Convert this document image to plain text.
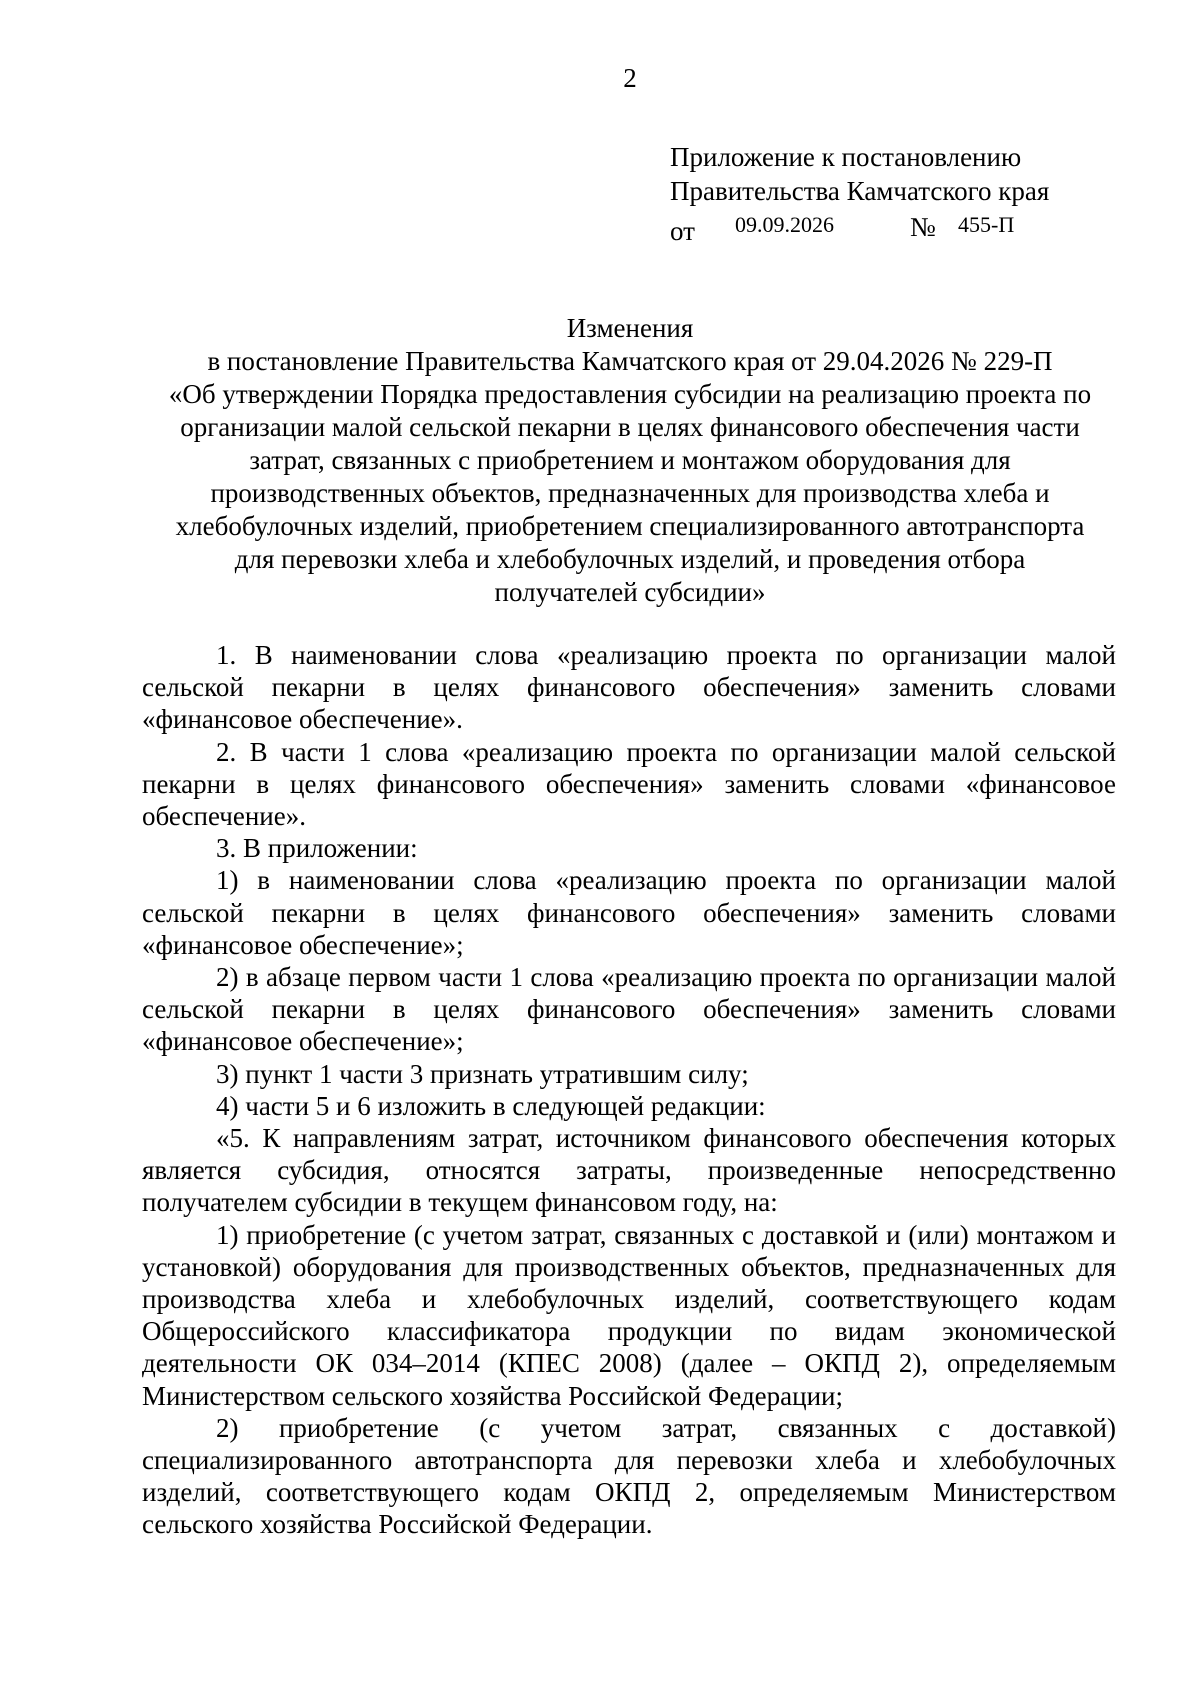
2
Приложение к постановлению
Правительства Камчатского края
от 09.09.2026	№ 455-П
Изменения
в постановление Правительства Камчатского края от 29.04.2026 № 229-П
«Об утверждении Порядка предоставления субсидии на реализацию проекта по
организации малой сельской пекарни в целях финансового обеспечения части
затрат, связанных с приобретением и монтажом оборудования для
производственных объектов, предназначенных для производства хлеба и
хлебобулочных изделий, приобретением специализированного автотранспорта
для перевозки хлеба и хлебобулочных изделий, и проведения отбора
получателей субсидии»

1. В наименовании слова «реализацию проекта по организации малой сельской пекарни в целях финансового обеспечения» заменить словами «финансовое обеспечение».

2. В части 1 слова «реализацию проекта по организации малой сельской пекарни в целях финансового обеспечения» заменить словами «финансовое обеспечение».

3. В приложении:

1) в наименовании слова «реализацию проекта по организации малой сельской пекарни в целях финансового обеспечения» заменить словами «финансовое обеспечение»;

2) в абзаце первом части 1 слова «реализацию проекта по организации малой сельской пекарни в целях финансового обеспечения» заменить словами «финансовое обеспечение»;

3) пункт 1 части 3 признать утратившим силу;

4) части 5 и 6 изложить в следующей редакции:

«5. К направлениям затрат, источником финансового обеспечения которых является субсидия, относятся затраты, произведенные непосредственно получателем субсидии в текущем финансовом году, на:

1) приобретение (с учетом затрат, связанных с доставкой и (или) монтажом и установкой) оборудования для производственных объектов, предназначенных для производства хлеба и хлебобулочных изделий, соответствующего кодам Общероссийского классификатора продукции по видам экономической деятельности ОК 034–2014 (КПЕС 2008) (далее – ОКПД 2), определяемым Министерством сельского хозяйства Российской Федерации;

2) приобретение (с учетом затрат, связанных с доставкой) специализированного автотранспорта для перевозки хлеба и хлебобулочных изделий, соответствующего кодам ОКПД 2, определяемым Министерством сельского хозяйства Российской Федерации.
